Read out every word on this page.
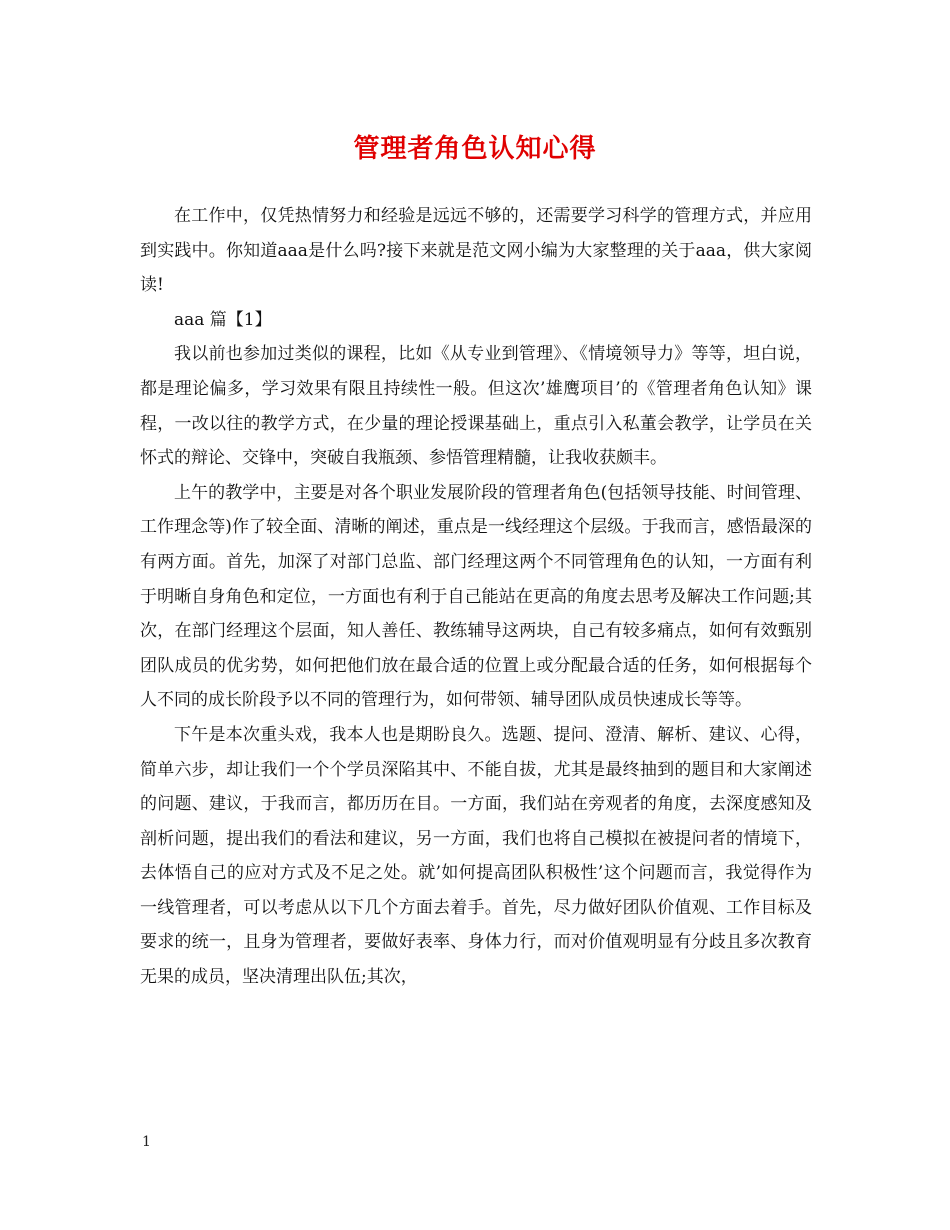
管理者角色认知心得

在工作中，仅凭热情努力和经验是远远不够的，还需要学习科学的管理方式，并应用到实践中。你知道aaa是什么吗?接下来就是范文网小编为大家整理的关于aaa，供大家阅读!

aaa 篇【1】

我以前也参加过类似的课程，比如《从专业到管理》、《情境领导力》等等，坦白说，都是理论偏多，学习效果有限且持续性一般。但这次’雄鹰项目’的《管理者角色认知》课程，一改以往的教学方式，在少量的理论授课基础上，重点引入私董会教学，让学员在关怀式的辩论、交锋中，突破自我瓶颈、参悟管理精髓，让我收获颇丰。

上午的教学中，主要是对各个职业发展阶段的管理者角色(包括领导技能、时间管理、工作理念等)作了较全面、清晰的阐述，重点是一线经理这个层级。于我而言，感悟最深的有两方面。首先，加深了对部门总监、部门经理这两个不同管理角色的认知，一方面有利于明晰自身角色和定位，一方面也有利于自己能站在更高的角度去思考及解决工作问题;其次，在部门经理这个层面，知人善任、教练辅导这两块，自己有较多痛点，如何有效甄别团队成员的优劣势，如何把他们放在最合适的位置上或分配最合适的任务，如何根据每个人不同的成长阶段予以不同的管理行为，如何带领、辅导团队成员快速成长等等。

下午是本次重头戏，我本人也是期盼良久。选题、提问、澄清、解析、建议、心得，简单六步，却让我们一个个学员深陷其中、不能自拔，尤其是最终抽到的题目和大家阐述的问题、建议，于我而言，都历历在目。一方面，我们站在旁观者的角度，去深度感知及剖析问题，提出我们的看法和建议，另一方面，我们也将自己模拟在被提问者的情境下，去体悟自己的应对方式及不足之处。就’如何提高团队积极性’这个问题而言，我觉得作为一线管理者，可以考虑从以下几个方面去着手。首先，尽力做好团队价值观、工作目标及要求的统一，且身为管理者，要做好表率、身体力行，而对价值观明显有分歧且多次教育无果的成员，坚决清理出队伍;其次，

1
